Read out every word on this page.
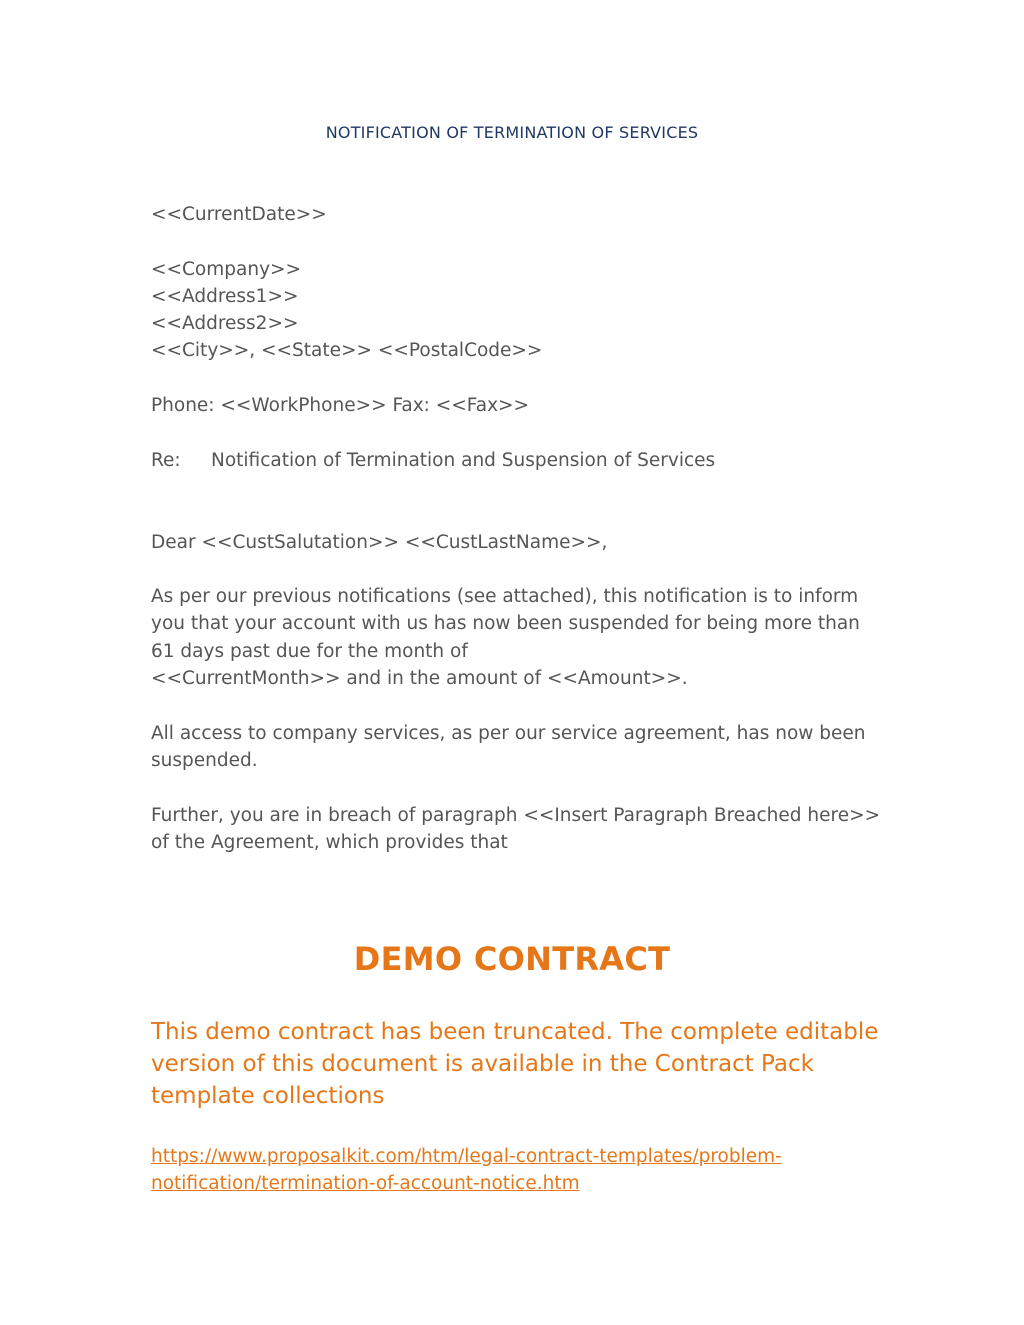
NOTIFICATION OF TERMINATION OF SERVICES

<<CurrentDate>>

<<Company>>

<<Address1>>

<<Address2>>

<<City>>, <<State>> <<PostalCode>>

Phone: <<WorkPhone>> Fax: <<Fax>>

Re:	Notification of Termination and Suspension of Services

Dear <<CustSalutation>> <<CustLastName>>,

As per our previous notifications (see attached), this notification is to inform

you that your account with us has now been suspended for being more than

61 days past due for the month of

<<CurrentMonth>> and in the amount of <<Amount>>.

All access to company services, as per our service agreement, has now been

suspended.

Further, you are in breach of paragraph <<Insert Paragraph Breached here>>

of the Agreement, which provides that

DEMO CONTRACT
This demo contract has been truncated. The complete editable
version of this document is available in the Contract Pack
template collections
https://www.proposalkit.com/htm/legal-contract-templates/problem-
notification/termination-of-account-notice.htm
